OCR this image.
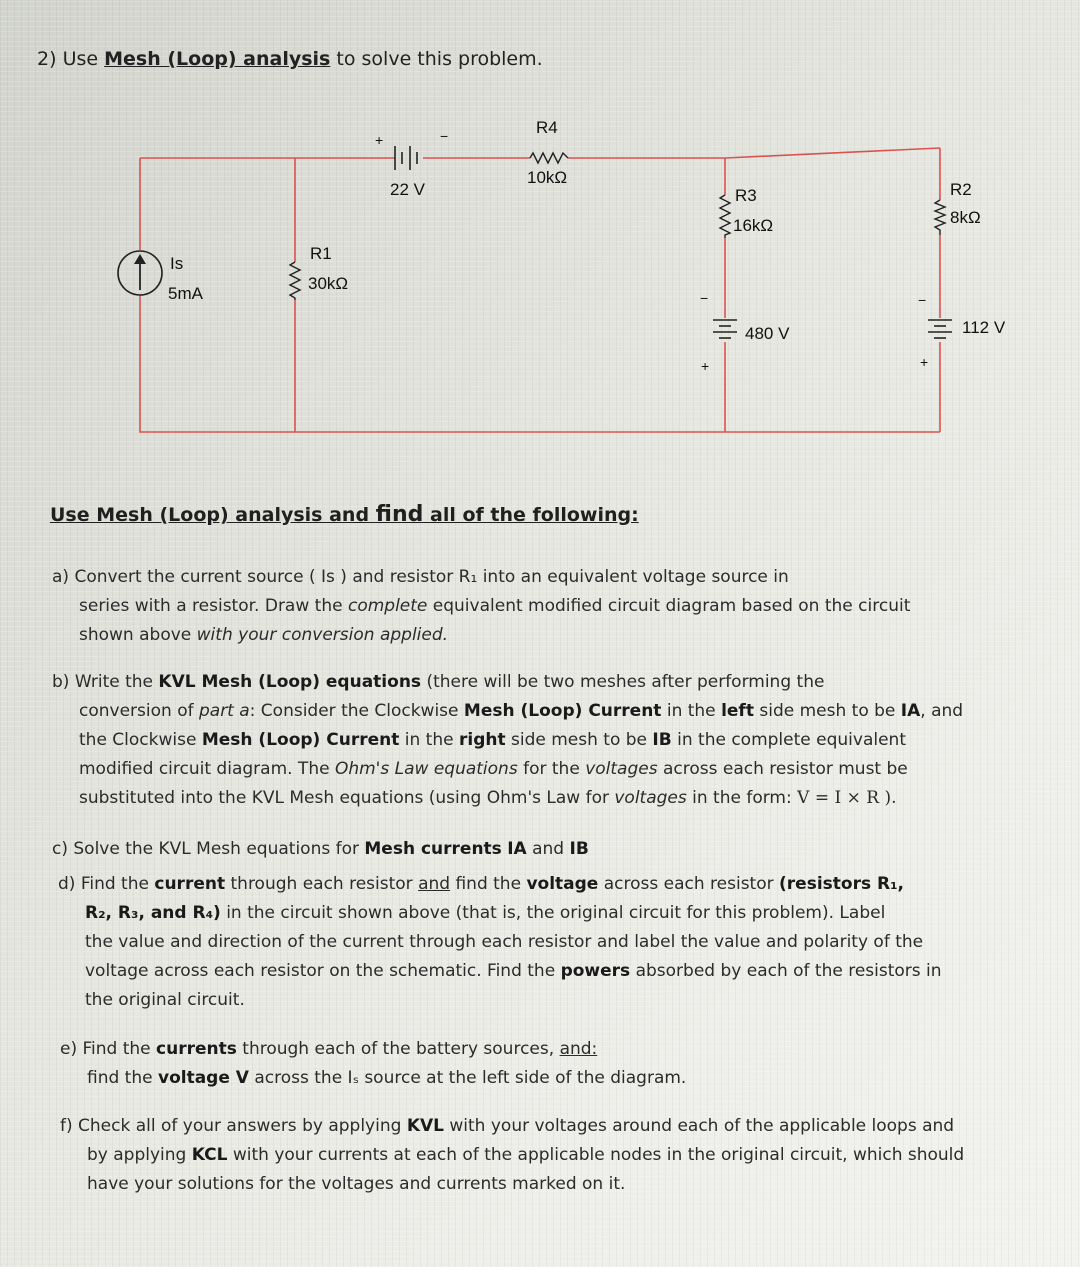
2) Use Mesh (Loop) analysis to solve this problem.
Is
5mA
R1
30kΩ
+	−
22 V
R4
10kΩ
R3
16kΩ
−
+
480 V
R2
8kΩ
−
+
112 V
Use Mesh (Loop) analysis and find all of the following:
a) Convert the current source ( Is ) and resistor R₁ into an equivalent voltage source in
series with a resistor. Draw the complete equivalent modified circuit diagram based on the circuit
shown above with your conversion applied.
b) Write the KVL Mesh (Loop) equations (there will be two meshes after performing the
conversion of part a: Consider the Clockwise Mesh (Loop) Current in the left side mesh to be IA, and
the Clockwise Mesh (Loop) Current in the right side mesh to be IB in the complete equivalent
modified circuit diagram. The Ohm's Law equations for the voltages across each resistor must be
substituted into the KVL Mesh equations (using Ohm's Law for voltages in the form: V = I × R ).
c) Solve the KVL Mesh equations for Mesh currents IA and IB
d) Find the current through each resistor and find the voltage across each resistor (resistors R₁,
R₂, R₃, and R₄) in the circuit shown above (that is, the original circuit for this problem). Label
the value and direction of the current through each resistor and label the value and polarity of the
voltage across each resistor on the schematic. Find the powers absorbed by each of the resistors in
the original circuit.
e) Find the currents through each of the battery sources, and:
find the voltage V across the Iₛ source at the left side of the diagram.
f) Check all of your answers by applying KVL with your voltages around each of the applicable loops and
by applying KCL with your currents at each of the applicable nodes in the original circuit, which should
have your solutions for the voltages and currents marked on it.
